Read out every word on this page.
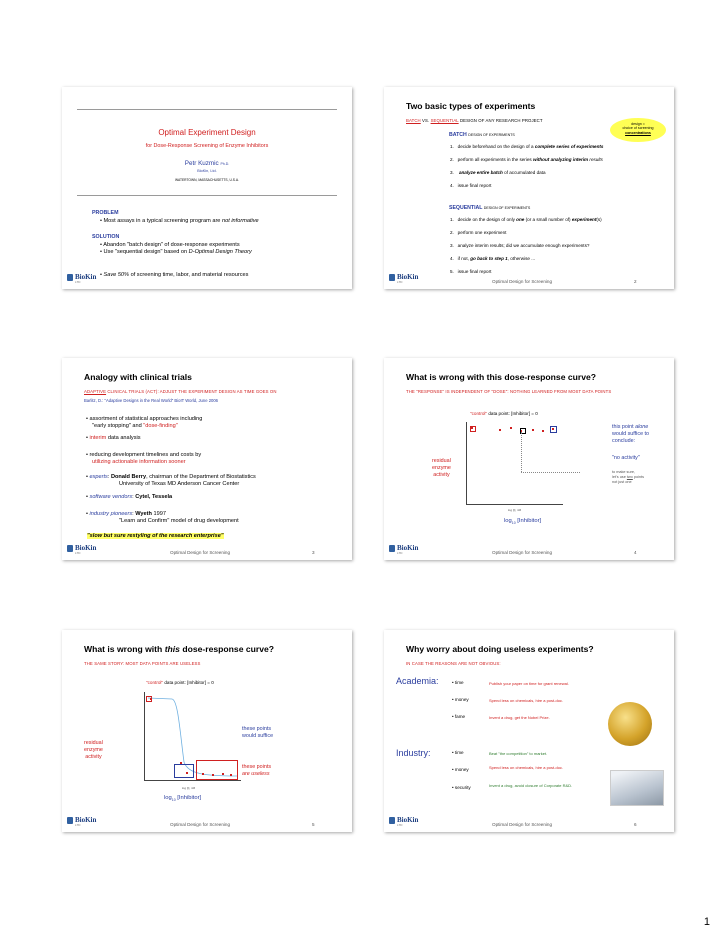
Optimal Experiment Design
for Dose-Response Screening of Enzyme Inhibitors
Petr Kuzmic Ph.D.
BioKin, Ltd.
WATERTOWN, MASSACHUSETTS, U.S.A.
PROBLEM
• Most assays in a typical screening program are not informative
SOLUTION
• Abandon "batch design" of dose-response experiments
• Use "sequential design" based on D-Optimal Design Theory
• Save 50% of screening time, labor, and material resources
BioKin
LTD
Two basic types of experiments
BATCH VS. SEQUENTIAL DESIGN OF ANY RESEARCH PROJECT
design =
choice of screening
concentrations
BATCH DESIGN OF EXPERIMENTS
1.   decide beforehand on the design of a complete series of experiments
2.   perform all experiments in the series without analyzing interim results
3.    analyze entire batch of accumulated data
4.   issue final report
SEQUENTIAL DESIGN OF EXPERIMENTS
1.   decide on the design of only one (or a small number of) experiment(s)
2.   perform one experiment
3.   analyze interim results; did we accumulate enough experiments?
4.   if not, go back to step 1, otherwise ...
5.   issue final report
Optimal Design for Screening	2
BioKin
LTD
Analogy with clinical trials
ADAPTIVE CLINICAL TRIALS (ACT): ADJUST THE EXPERIMENT DESIGN AS TIME GOES ON
Barlitz, D.: "Adaptive Designs in the Real World" BioIT World, June 2006
• assortment of statistical approaches including
"early stopping" and "dose-finding"
• interim data analysis
• reducing development timelines and costs by
utilizing actionable information sooner
• experts: Donald Berry, chairman of the Department of Biostatistics
University of Texas MD Anderson Cancer Center
• software vendors: Cytel, Tessela
• industry pioneers: Wyeth 1997
"Learn and Confirm" model of drug development
"slow but sure restyling of the research enterprise"
Optimal Design for Screening	3
BioKin
LTD
What is wrong with this dose-response curve?
THE "RESPONSE" IS INDEPENDENT OF "DOSE": NOTHING LEARNED FROM MOST DATA POINTS
"control" data point: [Inhibitor] = 0
this point alone
would suffice to
conclude:
"no activity"
residual
enzyme
activity	to make sure,
let's use two points
not just one
log [I], nM
$\log_{10}$ [Inhibitor]
Optimal Design for Screening	4
BioKin
LTD
What is wrong with this dose-response curve?
THE SAME STORY: MOST DATA POINTS ARE USELESS
"control" data point: [Inhibitor] = 0
these points
would suffice
these points
are useless
residual
enzyme
activity
log [I], nM
$\log_{10}$ [Inhibitor]
Optimal Design for Screening	5
BioKin
LTD
Why worry about doing useless experiments?
IN CASE THE REASONS ARE NOT OBVIOUS:
Academia:	• time	Publish your paper on time for grant renewal.
• money	Spend less on chemicals, hire a post-doc.
• fame	Invent a drug, get the Nobel Prize.
Industry:	• time	Beat "the competition" to market.
• money	Spend less on chemicals, hire a post-doc.
• security	Invent a drug, avoid closure of Corporate R&D.
Optimal Design for Screening	6
BioKin
LTD
1
